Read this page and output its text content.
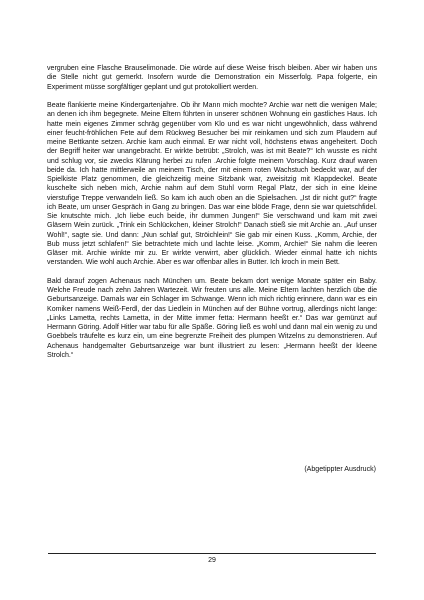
vergruben eine Flasche Brauselimonade. Die würde auf diese Weise frisch bleiben. Aber wir haben uns die Stelle nicht gut gemerkt. Insofern wurde die Demonstration ein Misserfolg. Papa folgerte, ein Experiment müsse sorgfältiger geplant und gut protokolliert werden.

Beate flankierte meine Kindergartenjahre. Ob ihr Mann mich mochte? Archie war nett die wenigen Male; an denen ich ihm begegnete. Meine Eltern führten in unserer schönen Wohnung ein gastliches Haus. Ich hatte mein eigenes Zimmer schräg gegenüber vom Klo und es war nicht ungewöhnlich, dass während einer feucht-fröhlichen Fete auf dem Rückweg Besucher bei mir reinkamen und sich zum Plaudern auf meine Bettkante setzen. Archie kam auch einmal. Er war nicht voll, höchstens etwas angeheitert. Doch der Begriff heiter war unangebracht. Er wirkte betrübt: „Strolch, was ist mit Beate?“ Ich wusste es nicht und schlug vor, sie zwecks Klärung herbei zu rufen .Archie folgte meinem Vorschlag. Kurz drauf waren beide da. Ich hatte mittlerweile an meinem Tisch, der mit einem roten Wachstuch bedeckt war, auf der Spielkiste Platz genommen, die gleichzeitig meine Sitzbank war, zweisitzig mit Klappdeckel. Beate kuschelte sich neben mich, Archie nahm auf dem Stuhl vorm Regal Platz, der sich in eine kleine vierstufige Treppe verwandeln ließ. So kam ich auch oben an die Spielsachen. „Ist dir nicht gut?“ fragte ich Beate, um unser Gespräch in Gang zu bringen. Das war eine blöde Frage, denn sie war quietschfidel. Sie knutschte mich. „Ich liebe euch beide, ihr dummen Jungen!“ Sie verschwand und kam mit zwei Gläsern Wein zurück. „Trink ein Schlückchen, kleiner Strolch!“ Danach stieß sie mit Archie an. „Auf unser Wohl!“, sagte sie. Und dann: „Nun schlaf gut, Ströichlein!“ Sie gab mir einen Kuss. „Komm, Archie, der Bub muss jetzt schlafen!“ Sie betrachtete mich und lachte leise. „Komm, Archie!“ Sie nahm die leeren Gläser mit. Archie winkte mir zu. Er wirkte verwirrt, aber glücklich. Wieder einmal hatte ich nichts verstanden. Wie wohl auch Archie. Aber es war offenbar alles in Butter. Ich kroch in mein Bett.

Bald darauf zogen Achenaus nach München um. Beate bekam dort wenige Monate später ein Baby. Welche Freude nach zehn Jahren Wartezeit. Wir freuten uns alle. Meine Eltern lachten herzlich übe die Geburtsanzeige. Damals war ein Schlager im Schwange. Wenn ich mich richtig erinnere, dann war es ein Komiker namens Weiß-Ferdl, der das Liedlein in München auf der Bühne vortrug, allerdings nicht lange: „Links Lametta, rechts Lametta, in der Mitte immer fetta: Hermann heeßt er.“ Das war gemünzt auf Hermann Göring. Adolf Hitler war tabu für alle Späße. Göring ließ es wohl und dann mal ein wenig zu und Goebbels träufelte es kurz ein, um eine begrenzte Freiheit des plumpen Witzelns zu demonstrieren. Auf Achenaus handgemalter Geburtsanzeige war bunt illustriert zu lesen: „Hermann heeßt der kleene Strolch.“

(Abgetippter Ausdruck)
29
